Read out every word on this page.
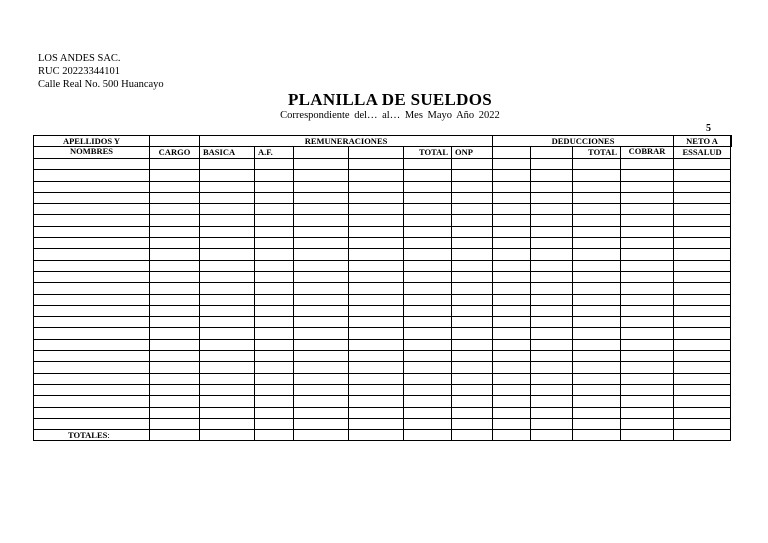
LOS ANDES SAC.
RUC 20223344101
Calle Real No. 500 Huancayo
PLANILLA DE SUELDOS
Correspondiente del… al… Mes Mayo Año 2022
5
APELLIDOS Y		REMUNERACIONES						DEDUCCIONES				NETO A	
NOMBRES	CARGO	BASICA	A.F.			TOTAL	ONP			TOTAL	COBRAR	ESSALUD	

TOTALES:													
